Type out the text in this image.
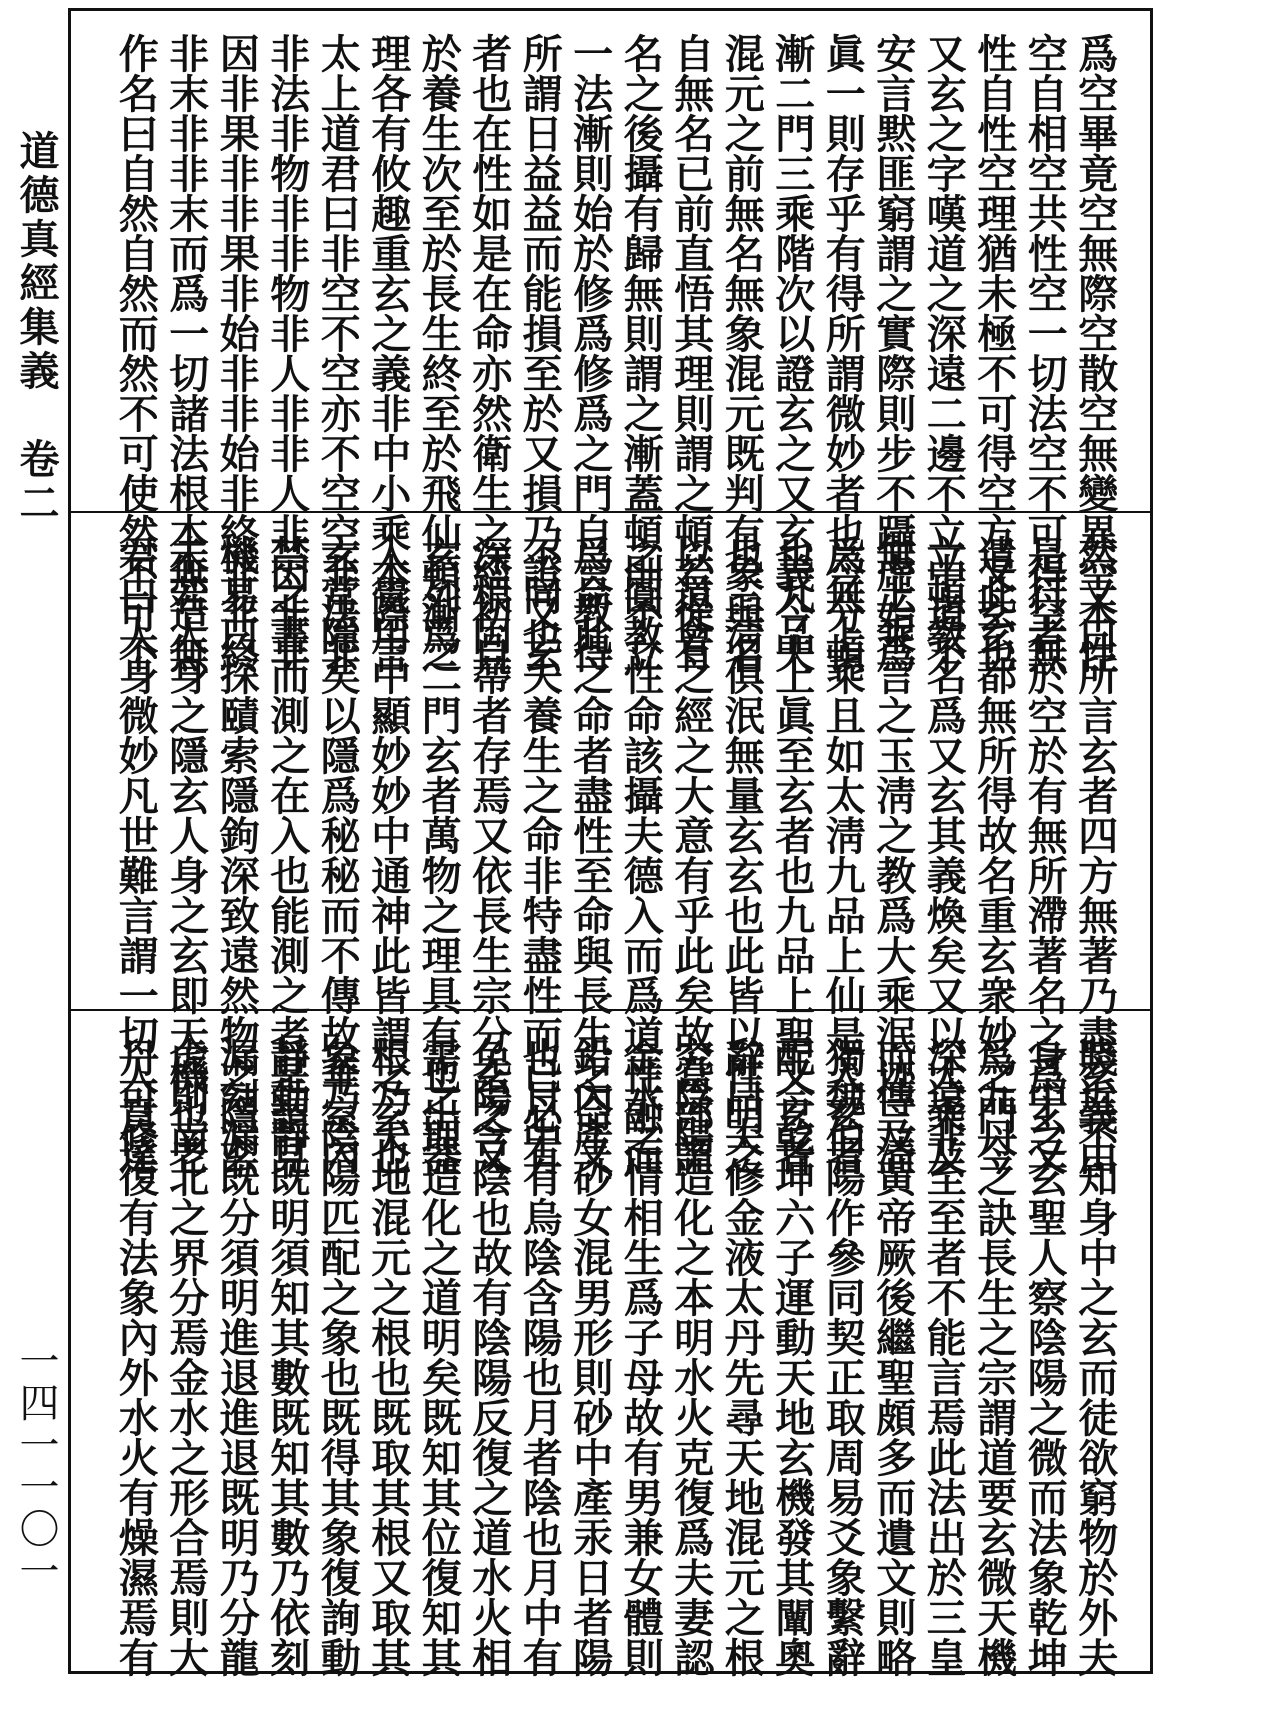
道德真經集義　卷二
一四一一〇一
爲空畢竟空無際空散空無變異空本性
空自相空共性空一切法空不可得空無
性自性空理猶未極不可得空方又玄也
又玄之字嘆道之深遠二邊不立中道不
安言黙匪窮謂之實際則步不躡虛始爲
眞一則存乎有得所謂微妙者也今分頓
漸二門三乘階次以證玄之又玄義今夫
混元之前無名無象混元既判有象與名
自無名已前直悟其理則謂之頓若從有
名之後攝有歸無則謂之漸蓋頓則不立
一法漸則始於修爲修爲之門自言教得
所謂日益益而能損至於又損乃證又玄
者也在性如是在命亦然衛生之經初自
於養生次至於長生終至於飛仙頓漸之
理各有攸趣重玄之義非中小乘本際言
太上道君曰非空不空亦不空空非法非
非法非物非非物非人非非人非因非非
因非果非非果非始非非始非終非非終
非末非非末而爲一切諸法根本無造無
作名曰自然自然而然不可使然不可不
然又曰所言玄者四方無著乃盡玄義由
是行者於空於有無所滯著名之爲玄又
遣此玄都無所得故名重玄衆妙之門今
立頓教名爲又玄其義煥矣又以大乘及
無上乘言之玉淸之教爲大乘泯迹三淸
爲無上乘且如太淸九品上仙是入玄者
也九品上眞至玄者也九品上聖又玄者
也三淸俱泯無量玄玄也此皆以性明之
以道會之經之大意有乎此矣故當部謂
之圓教性命該攝夫德入而爲道性融而
爲命此之命者盡性至命與長生之命又
不同也夫養生之命非特盡性而已必有
深根固蔕者存焉又依長生宗分玄之又
玄列爲二門玄者萬物之理具有也出器
入覺用中顯妙妙中通神此皆謂之玄也
玄常隱矣以隱爲秘秘而不傳故華室內
禁之書而測之在入也能測之者是謂見
機易曰探賾索隱鉤深致遠然物之隱玄
未若人身之隱玄人身之玄即天機也老
君曰人身微妙凡世難言謂一切人賁達
賤近不知身中之玄而徒欲窮物於外夫
身中之玄聖人察陰陽之微而法象乾坤
爲九丹之訣長生之宗謂道要玄微天機
深遠非至至者不能言焉此法出於三皇
而傳及黃帝厥後繼聖頗多而遺文則略
獨魏伯陽作參同契正取周易爻象繫辭
配合乾坤六子運動天地玄機發其闡奧
辭曰夫修金液太丹先尋天地混元之根
究陰陽造化之本明水火克復爲夫妻認
金水之情相生爲子母故有男兼女體則
鉛內產砂女混男形則砂中產汞日者陽
也日中有烏陰含陽也月者陰也月中有
免陽含陰也故有陰陽反復之道水火相
需之理造化之道明矣既知其位復知其
根乃天地混元之根也既取其根又取其
象乃陰陽匹配之象也既得其象復詢動
靜動靜既明須知其數既知其數乃依刻
漏刻漏既分須明進退進退既明乃分龍
虎則南北之界分焉金水之形合焉則大
丹可修復有法象內外水火有燥濕焉有
